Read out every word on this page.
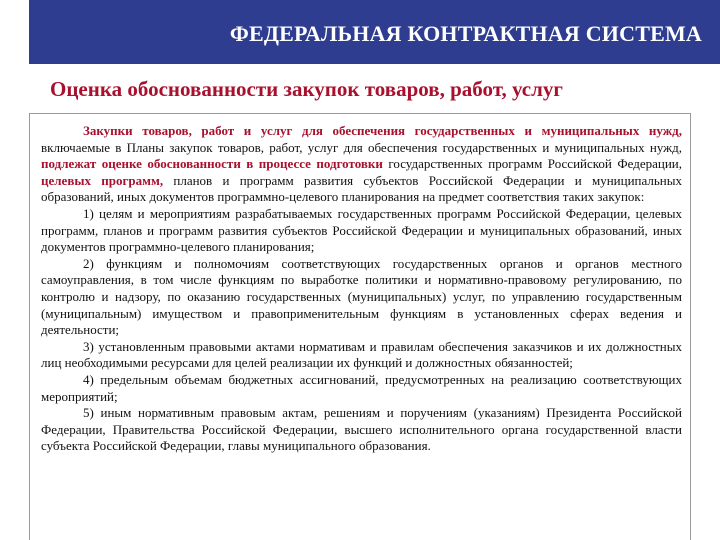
ФЕДЕРАЛЬНАЯ КОНТРАКТНАЯ СИСТЕМА
Оценка обоснованности закупок товаров, работ, услуг

Закупки товаров, работ и услуг для обеспечения государственных и муниципальных нужд, включаемые в Планы закупок товаров, работ, услуг для обеспечения государственных и муниципальных нужд, подлежат оценке обоснованности в процессе подготовки государственных программ Российской Федерации, целевых программ, планов и программ развития субъектов Российской Федерации и муниципальных образований, иных документов программно-целевого планирования на предмет соответствия таких закупок:

1) целям и мероприятиям разрабатываемых государственных программ Российской Федерации, целевых программ, планов и программ развития субъектов Российской Федерации и муниципальных образований, иных документов программно-целевого планирования;

2) функциям и полномочиям соответствующих государственных органов и органов местного самоуправления, в том числе функциям по выработке политики и нормативно-правовому регулированию, по контролю и надзору, по оказанию государственных (муниципальных) услуг, по управлению государственным (муниципальным) имуществом и правоприменительным функциям в установленных сферах ведения и деятельности;

3) установленным правовыми актами нормативам и правилам обеспечения заказчиков и их должностных лиц необходимыми ресурсами для целей реализации их функций и должностных обязанностей;

4) предельным объемам бюджетных ассигнований, предусмотренных на реализацию соответствующих мероприятий;

5) иным нормативным правовым актам, решениям и поручениям (указаниям) Президента Российской Федерации, Правительства Российской Федерации, высшего исполнительного органа государственной власти субъекта Российской Федерации, главы муниципального образования.
